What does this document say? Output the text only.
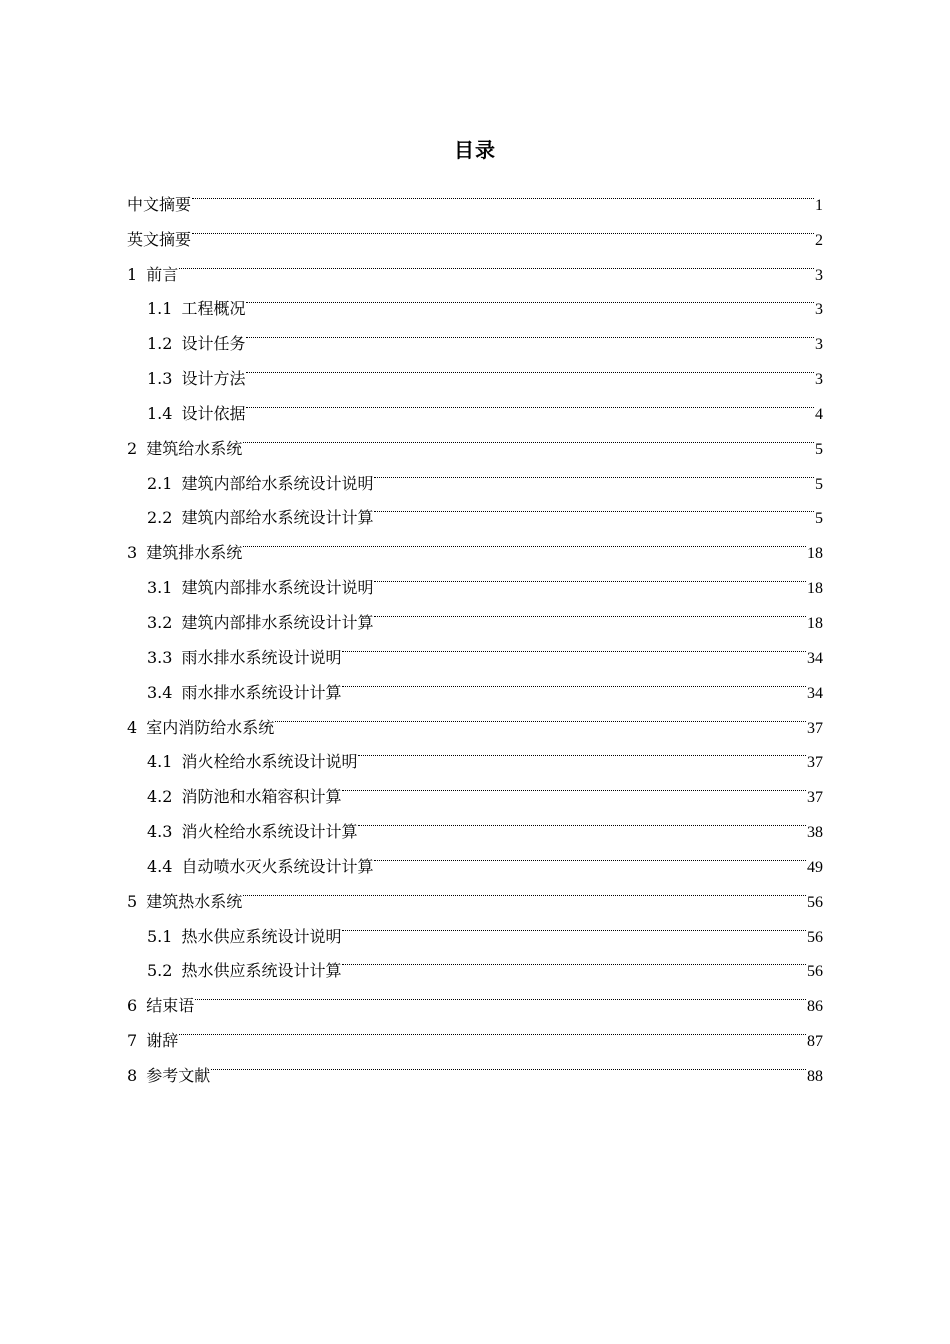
目录
中文摘要	1
英文摘要	2
1 前言	3
1.1 工程概况	3
1.2 设计任务	3
1.3 设计方法	3
1.4 设计依据	4
2 建筑给水系统	5
2.1 建筑内部给水系统设计说明	5
2.2 建筑内部给水系统设计计算	5
3 建筑排水系统	18
3.1 建筑内部排水系统设计说明	18
3.2 建筑内部排水系统设计计算	18
3.3 雨水排水系统设计说明	34
3.4 雨水排水系统设计计算	34
4 室内消防给水系统	37
4.1 消火栓给水系统设计说明	37
4.2 消防池和水箱容积计算	37
4.3 消火栓给水系统设计计算	38
4.4 自动喷水灭火系统设计计算	49
5 建筑热水系统	56
5.1 热水供应系统设计说明	56
5.2 热水供应系统设计计算	56
6 结束语	86
7 谢辞	87
8 参考文献	88
